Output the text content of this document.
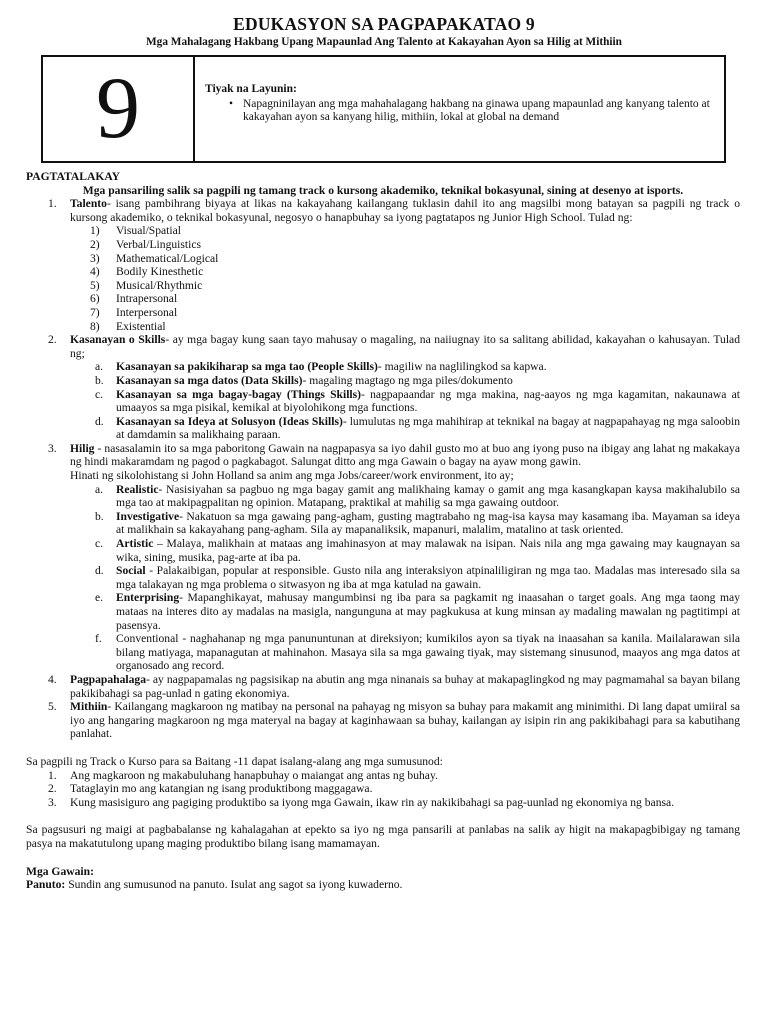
EDUKASYON SA PAGPAPAKATAO 9
Mga Mahalagang Hakbang Upang Mapaunlad Ang Talento at Kakayahan Ayon sa Hilig at Mithiin
9	Tiyak na Layunin:
• Napagninilayan ang mga mahahalagang hakbang na ginawa upang mapaunlad ang kanyang talento at kakayahan ayon sa kanyang hilig, mithiin, lokal at global na demand
PAGTATALAKAY
Mga pansariling salik sa pagpili ng tamang track o kursong akademiko, teknikal bokasyunal, sining at desenyo at isports.
1. Talento- isang pambihrang biyaya at likas na kakayahang kailangang tuklasin dahil ito ang magsilbi mong batayan sa pagpili ng track o kursong akademiko, o teknikal bokasyunal, negosyo o hanapbuhay sa iyong pagtatapos ng Junior High School. Tulad ng:
1) Visual/Spatial
2) Verbal/Linguistics
3) Mathematical/Logical
4) Bodily Kinesthetic
5) Musical/Rhythmic
6) Intrapersonal
7) Interpersonal
8) Existential
2. Kasanayan o Skills- ay mga bagay kung saan tayo mahusay o magaling, na naiiugnay ito sa salitang abilidad, kakayahan o kahusayan. Tulad ng;
a. Kasanayan sa pakikiharap sa mga tao (People Skills)- magiliw na naglilingkod sa kapwa.
b. Kasanayan sa mga datos (Data Skills)- magaling magtago ng mga piles/dokumento
c. Kasanayan sa mga bagay-bagay (Things Skills)- nagpapaandar ng mga makina, nag-aayos ng mga kagamitan, nakaunawa at umaayos sa mga pisikal, kemikal at biyolohikong mga functions.
d. Kasanayan sa Ideya at Solusyon (Ideas Skills)- lumulutas ng mga mahihirap at teknikal na bagay at nagpapahayag ng mga saloobin at damdamin sa malikhaing paraan.
3. Hilig - nasasalamin ito sa mga paboritong Gawain na nagpapasya sa iyo dahil gusto mo at buo ang iyong puso na ibigay ang lahat ng makakaya ng hindi makaramdam ng pagod o pagkabagot. Salungat ditto ang mga Gawain o bagay na ayaw mong gawin.
Hinati ng sikolohistang si John Holland sa anim ang mga Jobs/career/work environment, ito ay;
a. Realistic- Nasisiyahan sa pagbuo ng mga bagay gamit ang malikhaing kamay o gamit ang mga kasangkapan kaysa makihalubilo sa mga tao at makipagpalitan ng opinion. Matapang, praktikal at mahilig sa mga gawaing outdoor.
b. Investigative- Nakatuon sa mga gawaing pang-agham, gusting magtrabaho ng mag-isa kaysa may kasamang iba. Mayaman sa ideya at malikhain sa kakayahang pang-agham. Sila ay mapanaliksik, mapanuri, malalim, matalino at task oriented.
c. Artistic – Malaya, malikhain at mataas ang imahinasyon at may malawak na isipan. Nais nila ang mga gawaing may kaugnayan sa wika, sining, musika, pag-arte at iba pa.
d. Social - Palakaibigan, popular at responsible. Gusto nila ang interaksiyon atpinaliligiran ng mga tao. Madalas mas interesado sila sa mga talakayan ng mga problema o sitwasyon ng iba at mga katulad na gawain.
e. Enterprising- Mapanghikayat, mahusay mangumbinsi ng iba para sa pagkamit ng inaasahan o target goals. Ang mga taong may mataas na interes dito ay madalas na masigla, nangunguna at may pagkukusa at kung minsan ay madaling mawalan ng pagtitimpi at pasensya.
f. Conventional - naghahanap ng mga panununtunan at direksiyon; kumikilos ayon sa tiyak na inaasahan sa kanila. Mailalarawan sila bilang matiyaga, mapanagutan at mahinahon. Masaya sila sa mga gawaing tiyak, may sistemang sinusunod, maayos ang mga datos at organosado ang record.
4. Pagpapahalaga- ay nagpapamalas ng pagsisikap na abutin ang mga ninanais sa buhay at makapaglingkod ng may pagmamahal sa bayan bilang pakikibahagi sa pag-unlad n gating ekonomiya.
5. Mithiin- Kailangang magkaroon ng matibay na personal na pahayag ng misyon sa buhay para makamit ang minimithi. Di lang dapat umiiral sa iyo ang hangaring magkaroon ng mga materyal na bagay at kaginhawaan sa buhay, kailangan ay isipin rin ang pakikibahagi para sa kabutihang panlahat.
Sa pagpili ng Track o Kurso para sa Baitang -11 dapat isalang-alang ang mga sumusunod:
1. Ang magkaroon ng makabuluhang hanapbuhay o maiangat ang antas ng buhay.
2. Tataglayin mo ang katangian ng isang produktibong maggagawa.
3. Kung masisiguro ang pagiging produktibo sa iyong mga Gawain, ikaw rin ay nakikibahagi sa pag-uunlad ng ekonomiya ng bansa.
Sa pagsusuri ng maigi at pagbabalanse ng kahalagahan at epekto sa iyo ng mga pansarili at panlabas na salik ay higit na makapagbibigay ng tamang pasya na makatutulong upang maging produktibo bilang isang mamamayan.
Mga Gawain:
Panuto: Sundin ang sumusunod na panuto. Isulat ang sagot sa iyong kuwaderno.
